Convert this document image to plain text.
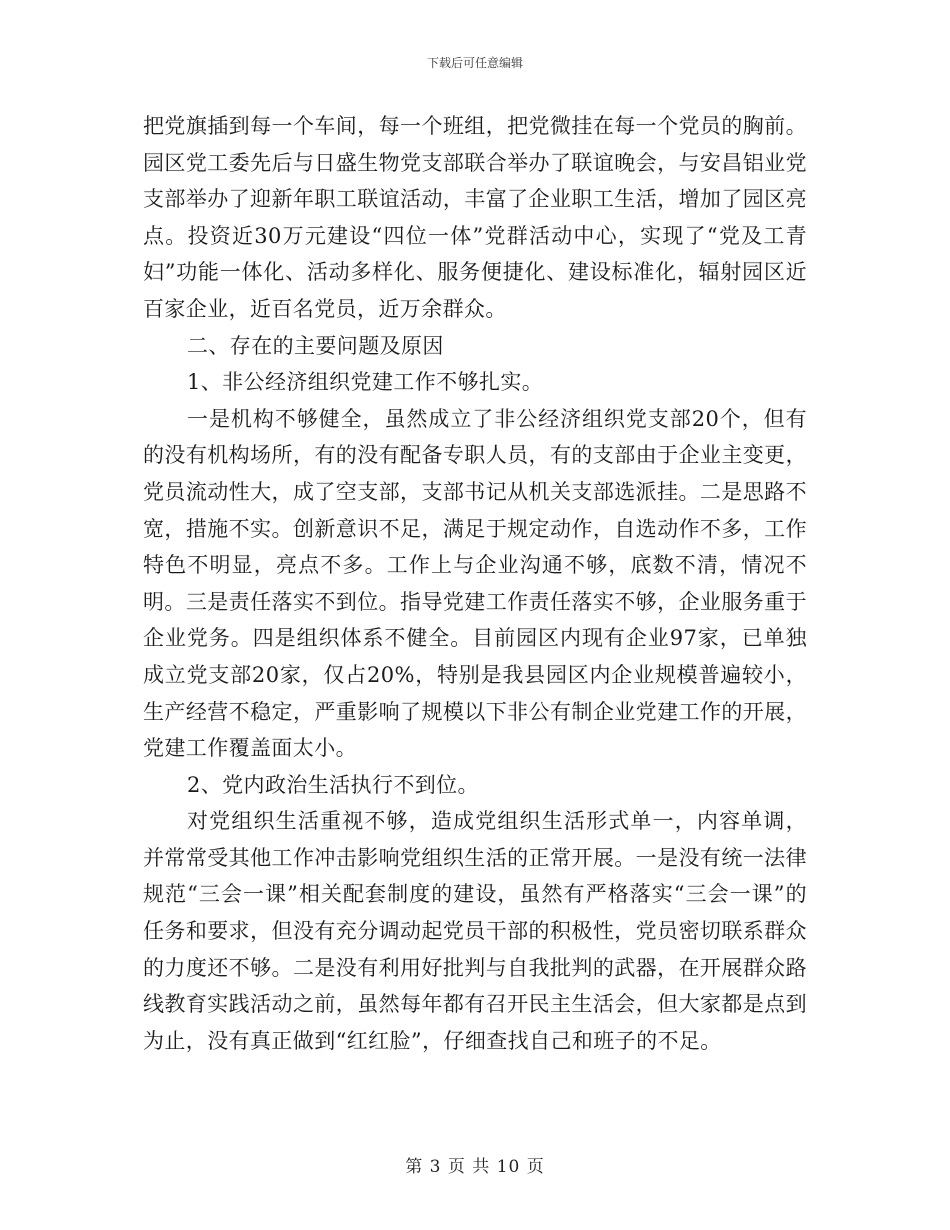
下载后可任意编辑

把党旗插到每一个车间，每一个班组，把党微挂在每一个党员的胸前。园区党工委先后与日盛生物党支部联合举办了联谊晚会，与安昌铝业党支部举办了迎新年职工联谊活动，丰富了企业职工生活，增加了园区亮点。投资近30万元建设“四位一体”党群活动中心，实现了“党及工青妇”功能一体化、活动多样化、服务便捷化、建设标准化，辐射园区近百家企业，近百名党员，近万余群众。

二、存在的主要问题及原因

1、非公经济组织党建工作不够扎实。

一是机构不够健全，虽然成立了非公经济组织党支部20个，但有的没有机构场所，有的没有配备专职人员，有的支部由于企业主变更，党员流动性大，成了空支部，支部书记从机关支部选派挂。二是思路不宽，措施不实。创新意识不足，满足于规定动作，自选动作不多，工作特色不明显，亮点不多。工作上与企业沟通不够，底数不清，情况不明。三是责任落实不到位。指导党建工作责任落实不够，企业服务重于企业党务。四是组织体系不健全。目前园区内现有企业97家，已单独成立党支部20家，仅占20%，特别是我县园区内企业规模普遍较小，生产经营不稳定，严重影响了规模以下非公有制企业党建工作的开展，党建工作覆盖面太小。

2、党内政治生活执行不到位。

对党组织生活重视不够，造成党组织生活形式单一，内容单调，并常常受其他工作冲击影响党组织生活的正常开展。一是没有统一法律规范“三会一课”相关配套制度的建设，虽然有严格落实“三会一课”的任务和要求，但没有充分调动起党员干部的积极性，党员密切联系群众的力度还不够。二是没有利用好批判与自我批判的武器，在开展群众路线教育实践活动之前，虽然每年都有召开民主生活会，但大家都是点到为止，没有真正做到“红红脸”，仔细查找自己和班子的不足。

第 3 页 共 10 页
